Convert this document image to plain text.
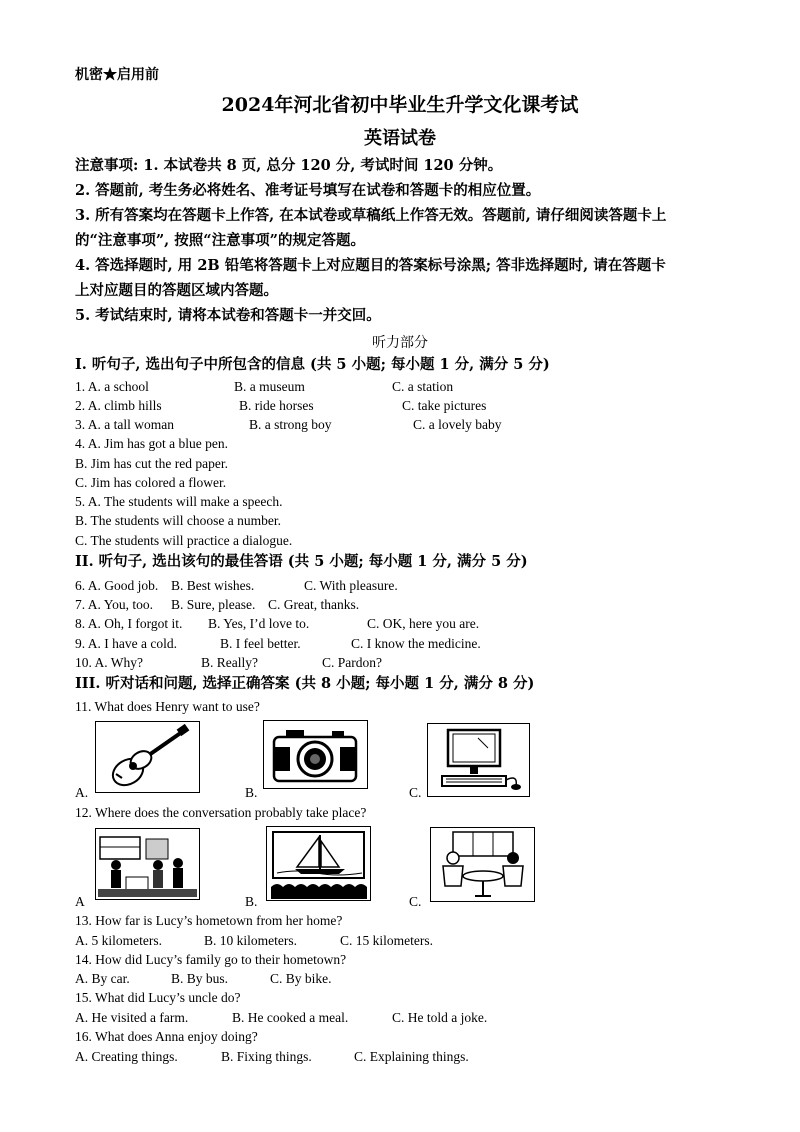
机密★启用前
2024年河北省初中毕业生升学文化课考试
英语试卷
注意事项: 1. 本试卷共 8 页, 总分 120 分, 考试时间 120 分钟。
2. 答题前, 考生务必将姓名、准考证号填写在试卷和答题卡的相应位置。
3. 所有答案均在答题卡上作答, 在本试卷或草稿纸上作答无效。答题前, 请仔细阅读答题卡上
的“注意事项”, 按照“注意事项”的规定答题。
4. 答选择题时, 用 2B 铅笔将答题卡上对应题目的答案标号涂黑; 答非选择题时, 请在答题卡
上对应题目的答题区域内答题。
5. 考试结束时, 请将本试卷和答题卡一并交回。
听力部分
I. 听句子, 选出句子中所包含的信息 (共 5 小题; 每小题 1 分, 满分 5 分)
1. A. a school	B. a museum	C. a station
2. A. climb hills	B. ride horses	C. take pictures
3. A. a tall woman	B. a strong boy	C. a lovely baby
4. A. Jim has got a blue pen.
B. Jim has cut the red paper.
C. Jim has colored a flower.
5. A. The students will make a speech.
B. The students will choose a number.
C. The students will practice a dialogue.
II. 听句子, 选出该句的最佳答语 (共 5 小题; 每小题 1 分, 满分 5 分)
6. A. Good job. B. Best wishes.	C. With pleasure.
7. A. You, too. B. Sure, please. C. Great, thanks.
8. A. Oh, I forgot it. B. Yes, I’d love to.	C. OK, here you are.
9. A. I have a cold.	B. I feel better.	C. I know the medicine.
10. A. Why?	B. Really?	C. Pardon?
III. 听对话和问题, 选择正确答案 (共 8 小题; 每小题 1 分, 满分 8 分)
11. What does Henry want to use?
A.	B.	C.
12. Where does the conversation probably take place?
A	B.	C.
13. How far is Lucy’s hometown from her home?
A. 5 kilometers.	B. 10 kilometers.	C. 15 kilometers.
14. How did Lucy’s family go to their hometown?
A. By car.	B. By bus.	C. By bike.
15. What did Lucy’s uncle do?
A. He visited a farm.	B. He cooked a meal.	C. He told a joke.
16. What does Anna enjoy doing?
A. Creating things.	B. Fixing things.	C. Explaining things.
